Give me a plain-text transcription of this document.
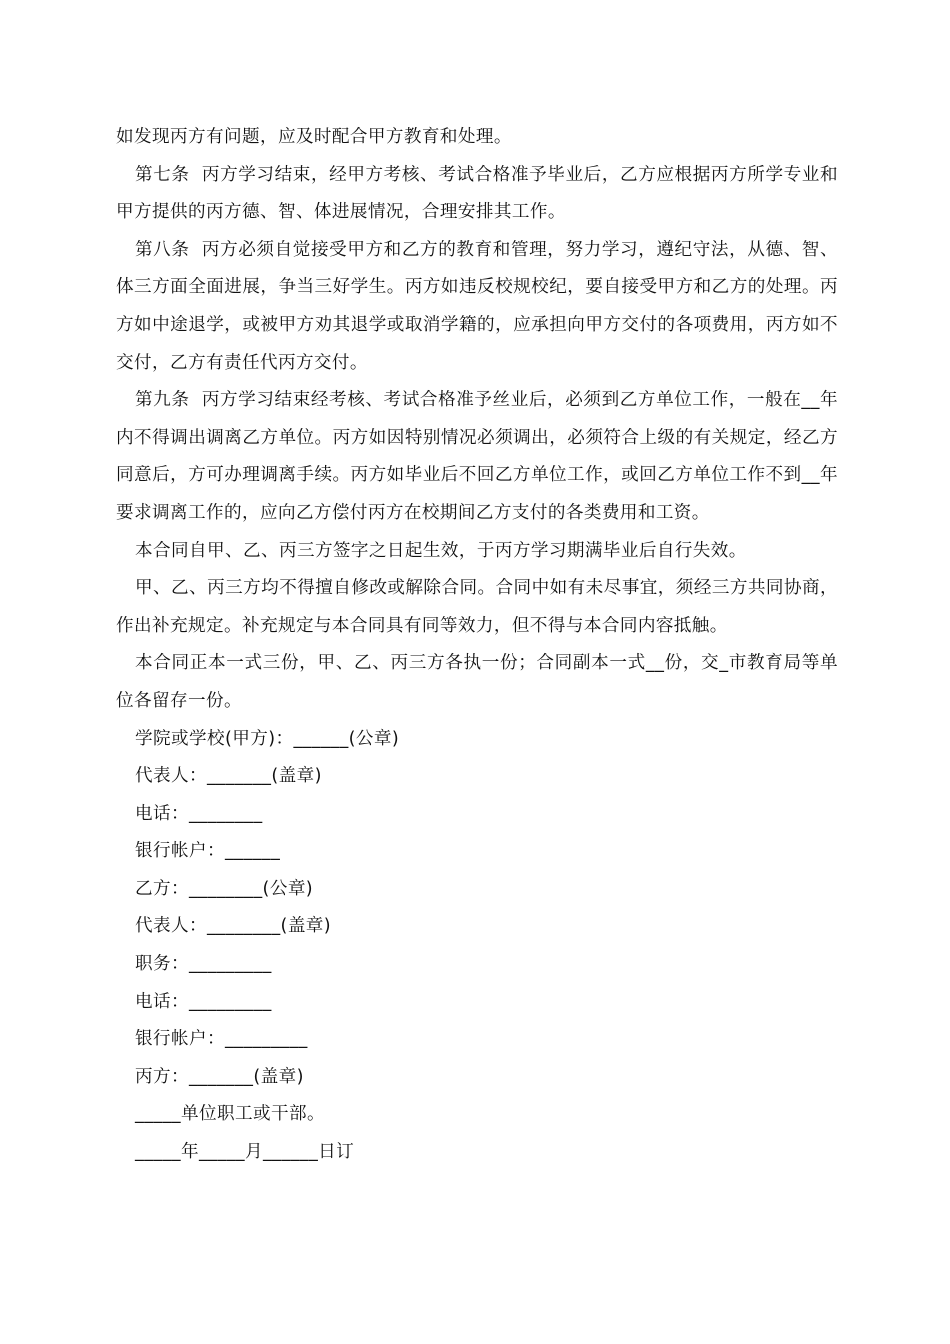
如发现丙方有问题，应及时配合甲方教育和处理。

第七条  丙方学习结束，经甲方考核、考试合格准予毕业后，乙方应根据丙方所学专业和甲方提供的丙方德、智、体进展情况，合理安排其工作。

第八条  丙方必须自觉接受甲方和乙方的教育和管理，努力学习，遵纪守法，从德、智、体三方面全面进展，争当三好学生。丙方如违反校规校纪，要自接受甲方和乙方的处理。丙方如中途退学，或被甲方劝其退学或取消学籍的，应承担向甲方交付的各项费用，丙方如不交付，乙方有责任代丙方交付。

第九条  丙方学习结束经考核、考试合格准予丝业后，必须到乙方单位工作，一般在__年内不得调出调离乙方单位。丙方如因特别情况必须调出，必须符合上级的有关规定，经乙方同意后，方可办理调离手续。丙方如毕业后不回乙方单位工作，或回乙方单位工作不到__年要求调离工作的，应向乙方偿付丙方在校期间乙方支付的各类费用和工资。

本合同自甲、乙、丙三方签字之日起生效，于丙方学习期满毕业后自行失效。

甲、乙、丙三方均不得擅自修改或解除合同。合同中如有未尽事宜，须经三方共同协商，作出补充规定。补充规定与本合同具有同等效力，但不得与本合同内容抵触。

本合同正本一式三份，甲、乙、丙三方各执一份；合同副本一式__份，交_市教育局等单位各留存一份。

学院或学校(甲方)：______(公章)

代表人：_______(盖章)

电话：________

银行帐户：______

乙方：________(公章)

代表人：________(盖章)

职务：_________

电话：_________

银行帐户：_________

丙方：_______(盖章)

_____单位职工或干部。

_____年_____月______日订
